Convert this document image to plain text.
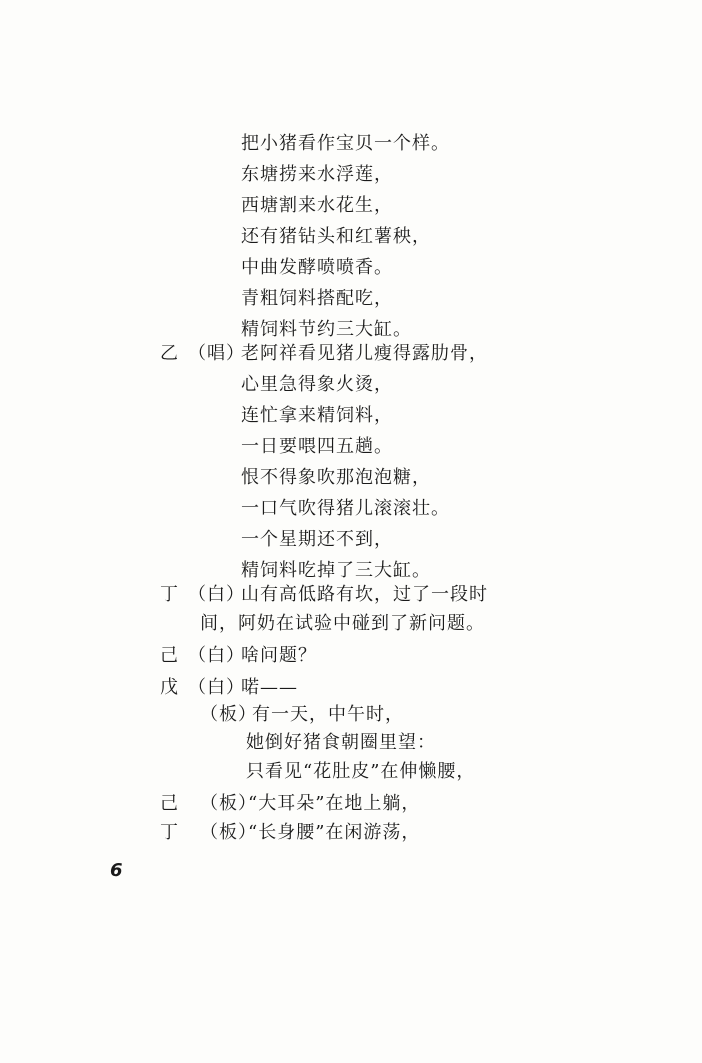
把小猪看作宝贝一个样。
东塘捞来水浮莲，
西塘割来水花生，
还有猪钻头和红薯秧，
中曲发酵喷喷香。
青粗饲料搭配吃，
精饲料节约三大缸。
乙 （唱）
老阿祥看见猪儿瘦得露肋骨，
心里急得象火烫，
连忙拿来精饲料，
一日要喂四五趟。
恨不得象吹那泡泡糖，
一口气吹得猪儿滚滚壮。
一个星期还不到，
精饲料吃掉了三大缸。
丁 （白）
山有高低路有坎，过了一段时
间，阿奶在试验中碰到了新问题。
己 （白）
啥问题？
戊 （白）
喏——
（板）
有一天，中午时，
她倒好猪食朝圈里望：
只看见“花肚皮”在伸懒腰，
己 （板）
“大耳朵”在地上躺，
丁 （板）
“长身腰”在闲游荡，
6
